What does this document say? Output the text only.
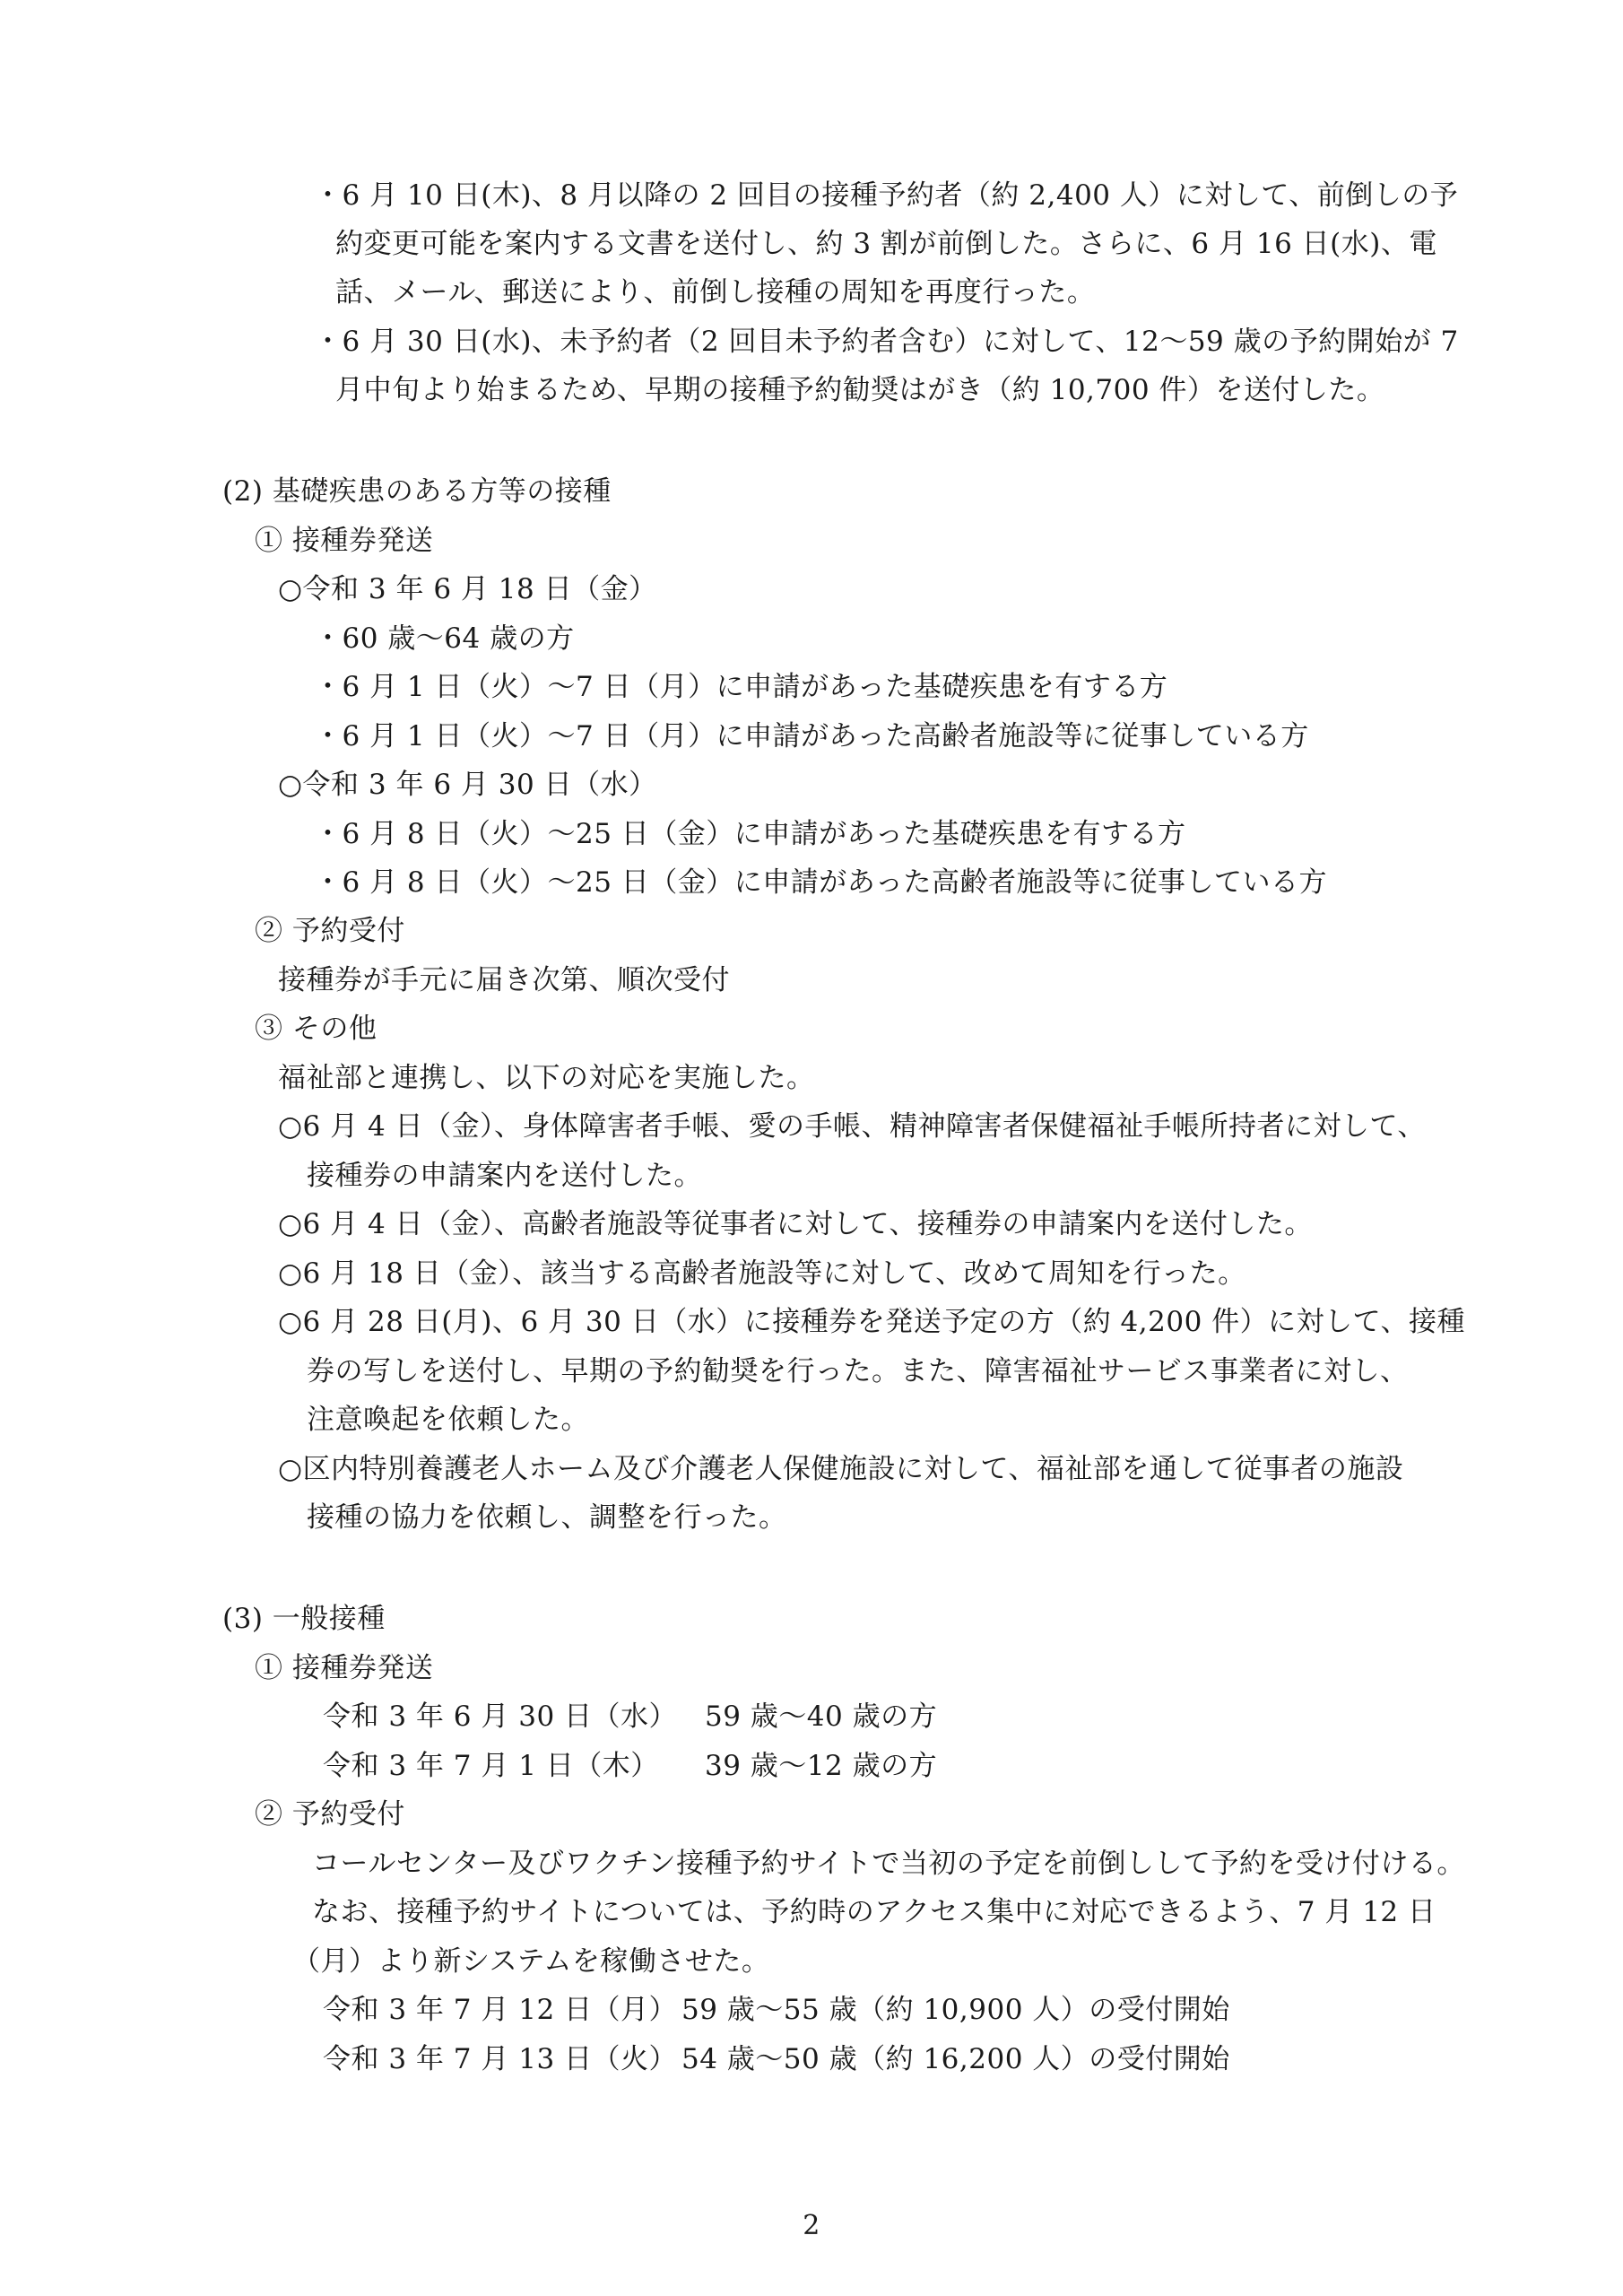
・6 月 10 日(木)、8 月以降の 2 回目の接種予約者（約 2,400 人）に対して、前倒しの予
約変更可能を案内する文書を送付し、約 3 割が前倒した。さらに、6 月 16 日(水)、電
話、メール、郵送により、前倒し接種の周知を再度行った。
・6 月 30 日(水)、未予約者（2 回目未予約者含む）に対して、12〜59 歳の予約開始が 7
月中旬より始まるため、早期の接種予約勧奨はがき（約 10,700 件）を送付した。
(2) 基礎疾患のある方等の接種
① 接種券発送
○令和 3 年 6 月 18 日（金）
・60 歳〜64 歳の方
・6 月 1 日（火）〜7 日（月）に申請があった基礎疾患を有する方
・6 月 1 日（火）〜7 日（月）に申請があった高齢者施設等に従事している方
○令和 3 年 6 月 30 日（水）
・6 月 8 日（火）〜25 日（金）に申請があった基礎疾患を有する方
・6 月 8 日（火）〜25 日（金）に申請があった高齢者施設等に従事している方
② 予約受付
接種券が手元に届き次第、順次受付
③ その他
福祉部と連携し、以下の対応を実施した。
○6 月 4 日（金）、身体障害者手帳、愛の手帳、精神障害者保健福祉手帳所持者に対して、
接種券の申請案内を送付した。
○6 月 4 日（金）、高齢者施設等従事者に対して、接種券の申請案内を送付した。
○6 月 18 日（金）、該当する高齢者施設等に対して、改めて周知を行った。
○6 月 28 日(月)、6 月 30 日（水）に接種券を発送予定の方（約 4,200 件）に対して、接種
券の写しを送付し、早期の予約勧奨を行った。また、障害福祉サービス事業者に対し、
注意喚起を依頼した。
○区内特別養護老人ホーム及び介護老人保健施設に対して、福祉部を通して従事者の施設
接種の協力を依頼し、調整を行った。
(3) 一般接種
① 接種券発送
令和 3 年 6 月 30 日（水） 59 歳〜40 歳の方
令和 3 年 7 月 1 日（木） 39 歳〜12 歳の方
② 予約受付
コールセンター及びワクチン接種予約サイトで当初の予定を前倒しして予約を受け付ける。
なお、接種予約サイトについては、予約時のアクセス集中に対応できるよう、7 月 12 日
（月）より新システムを稼働させた。
令和 3 年 7 月 12 日（月） 59 歳〜55 歳（約 10,900 人）の受付開始
令和 3 年 7 月 13 日（火） 54 歳〜50 歳（約 16,200 人）の受付開始
2
